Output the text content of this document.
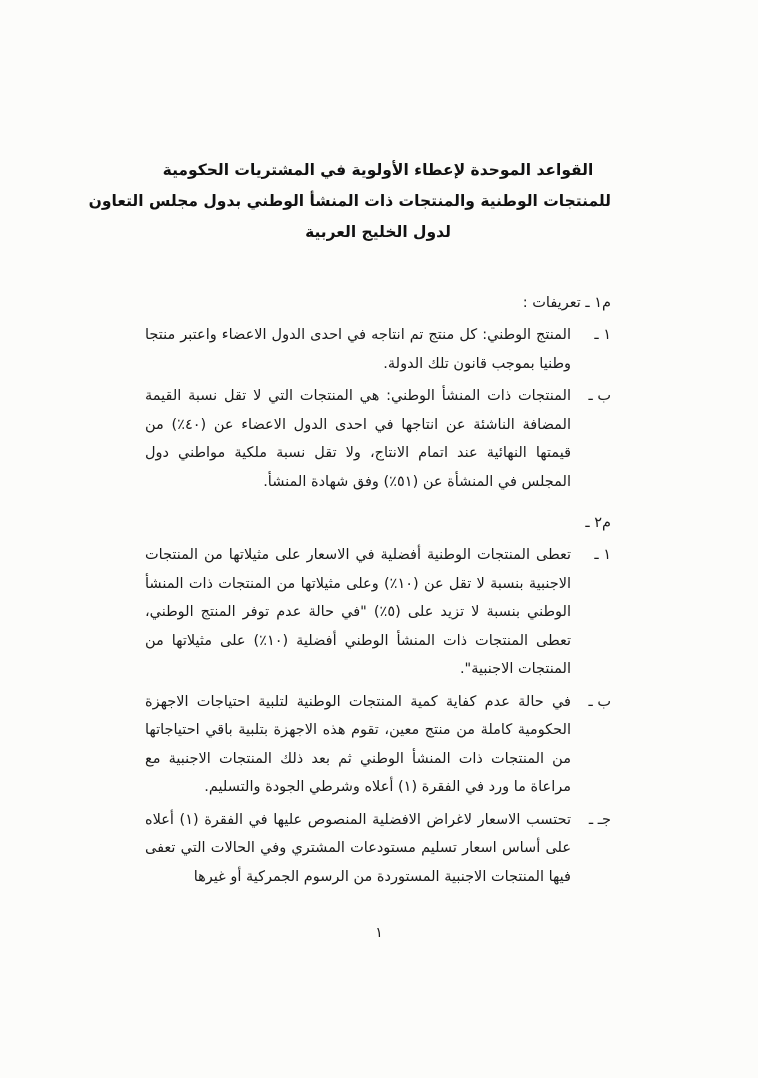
القواعد الموحدة لإعطاء الأولوية في المشتريات الحكومية
للمنتجات الوطنية والمنتجات ذات المنشأ الوطني بدول مجلس التعاون
لدول الخليج العربية
م١ ـ تعريفات :
١ ـ
المنتج الوطني: كل منتج تم انتاجه في احدى الدول الاعضاء واعتبر منتجا وطنيا بموجب قانون تلك الدولة.
ب ـ
المنتجات ذات المنشأ الوطني: هي المنتجات التي لا تقل نسبة القيمة المضافة الناشئة عن انتاجها في احدى الدول الاعضاء عن (٤٠٪) من قيمتها النهائية عند اتمام الانتاج، ولا تقل نسبة ملكية مواطني دول المجلس في المنشأة عن (٥١٪) وفق شهادة المنشأ.
م٢ ـ
١ ـ
تعطى المنتجات الوطنية أفضلية في الاسعار على مثيلاتها من المنتجات الاجنبية بنسبة لا تقل عن (١٠٪) وعلى مثيلاتها من المنتجات ذات المنشأ الوطني بنسبة لا تزيد على (٥٪) "في حالة عدم توفر المنتج الوطني، تعطى المنتجات ذات المنشأ الوطني أفضلية (١٠٪) على مثيلاتها من المنتجات الاجنبية".
ب ـ
في حالة عدم كفاية كمية المنتجات الوطنية لتلبية احتياجات الاجهزة الحكومية كاملة من منتج معين، تقوم هذه الاجهزة بتلبية باقي احتياجاتها من المنتجات ذات المنشأ الوطني ثم بعد ذلك المنتجات الاجنبية مع مراعاة ما ورد في الفقرة (١) أعلاه وشرطي الجودة والتسليم.
جـ ـ
تحتسب الاسعار لاغراض الافضلية المنصوص عليها في الفقرة (١) أعلاه على أساس اسعار تسليم مستودعات المشتري وفي الحالات التي تعفى فيها المنتجات الاجنبية المستوردة من الرسوم الجمركية أو غيرها
١
